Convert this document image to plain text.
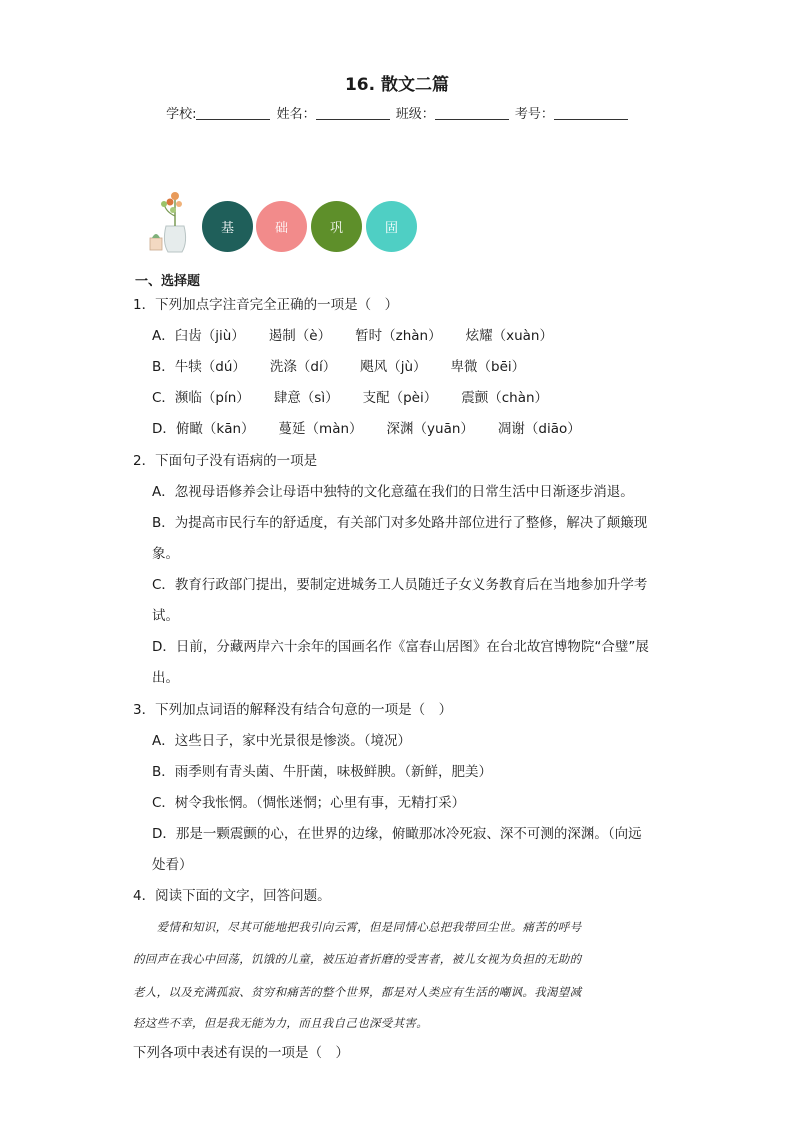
16. 散文二篇
学校:	姓名：	班级：	考号：
基	础	巩	固
一、选择题
1．下列加点字注音完全正确的一项是（　）
A．臼齿（jiù） 遏制（è） 暂时（zhàn） 炫耀（xuàn）
B．牛犊（dú） 洗涤（dí） 飓风（jù） 卑微（bēi）
C．濒临（pín） 肆意（sì） 支配（pèi） 震颤（chàn）
D．俯瞰（kān） 蔓延（màn） 深渊（yuān） 凋谢（diāo）
2．下面句子没有语病的一项是
A．忽视母语修养会让母语中独特的文化意蕴在我们的日常生活中日渐逐步消退。
B．为提高市民行车的舒适度，有关部门对多处路井部位进行了整修，解决了颠簸现
象。
C．教育行政部门提出，要制定进城务工人员随迁子女义务教育后在当地参加升学考
试。
D．日前，分藏两岸六十余年的国画名作《富春山居图》在台北故宫博物院“合璧”展
出。
3．下列加点词语的解释没有结合句意的一项是（　）
A．这些日子，家中光景很是惨淡。（境况）
B．雨季则有青头菌、牛肝菌，味极鲜腴。（新鲜，肥美）
C．树令我怅惘。（惆怅迷惘；心里有事，无精打采）
D．那是一颗震颤的心，在世界的边缘，俯瞰那冰冷死寂、深不可测的深渊。（向远
处看）
4．阅读下面的文字，回答问题。
　　爱情和知识，尽其可能地把我引向云霄，但是同情心总把我带回尘世。痛苦的呼号
的回声在我心中回荡，饥饿的儿童，被压迫者折磨的受害者，被儿女视为负担的无助的
老人，以及充满孤寂、贫穷和痛苦的整个世界，都是对人类应有生活的嘲讽。我渴望减
轻这些不幸，但是我无能为力，而且我自己也深受其害。
下列各项中表述有误的一项是（　）
